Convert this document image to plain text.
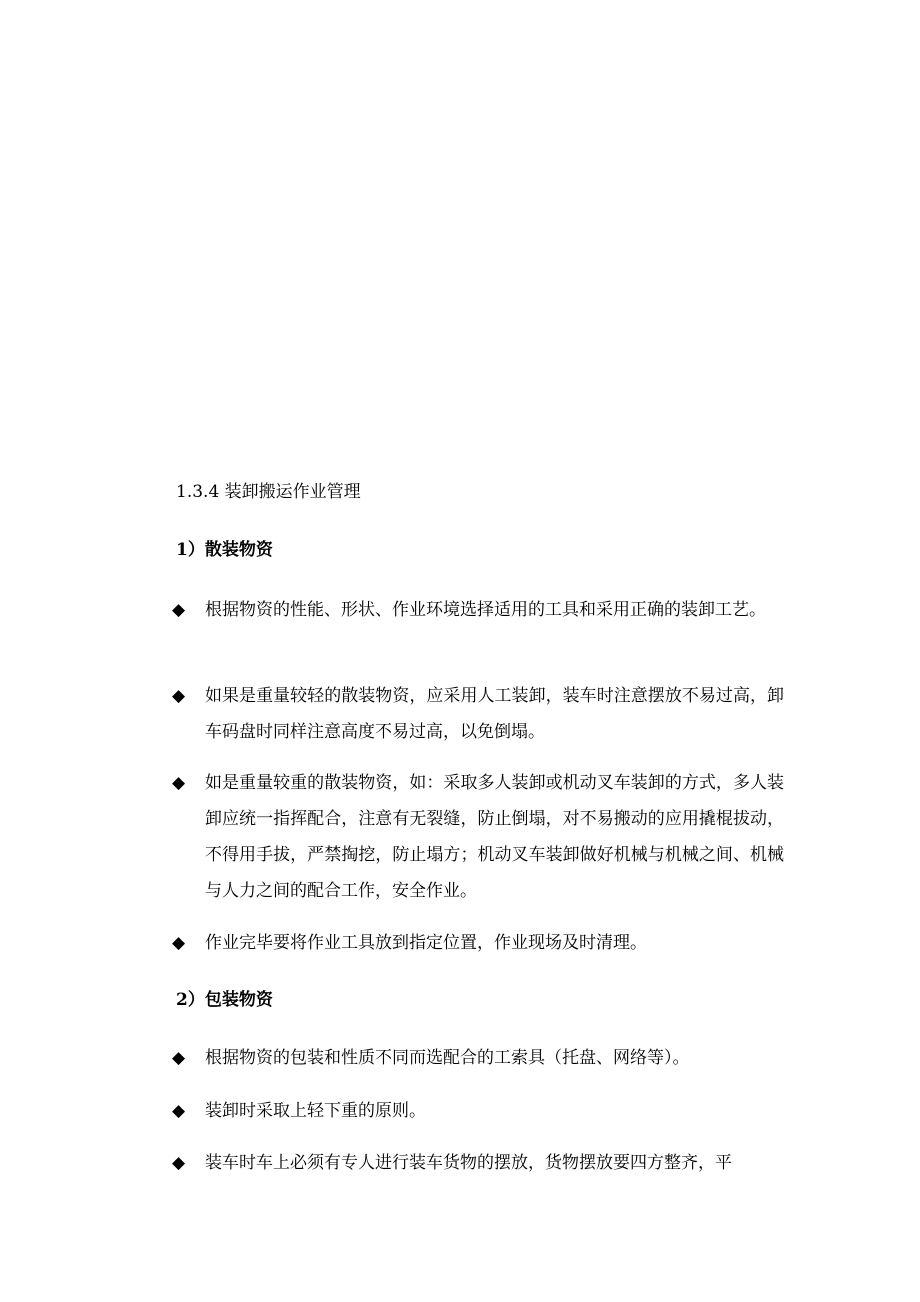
1.3.4 装卸搬运作业管理
1）散装物资
◆ 根据物资的性能、形状、作业环境选择适用的工具和采用正确的装卸工艺。
◆ 如果是重量较轻的散装物资，应采用人工装卸，装车时注意摆放不易过高，卸车码盘时同样注意高度不易过高，以免倒塌。
◆ 如是重量较重的散装物资，如：采取多人装卸或机动叉车装卸的方式，多人装卸应统一指挥配合，注意有无裂缝，防止倒塌，对不易搬动的应用撬棍拔动，不得用手拔，严禁掏挖，防止塌方；机动叉车装卸做好机械与机械之间、机械与人力之间的配合工作，安全作业。
◆ 作业完毕要将作业工具放到指定位置，作业现场及时清理。
2）包装物资
◆ 根据物资的包装和性质不同而选配合的工索具（托盘、网络等）。
◆ 装卸时采取上轻下重的原则。
◆ 装车时车上必须有专人进行装车货物的摆放，货物摆放要四方整齐，平
